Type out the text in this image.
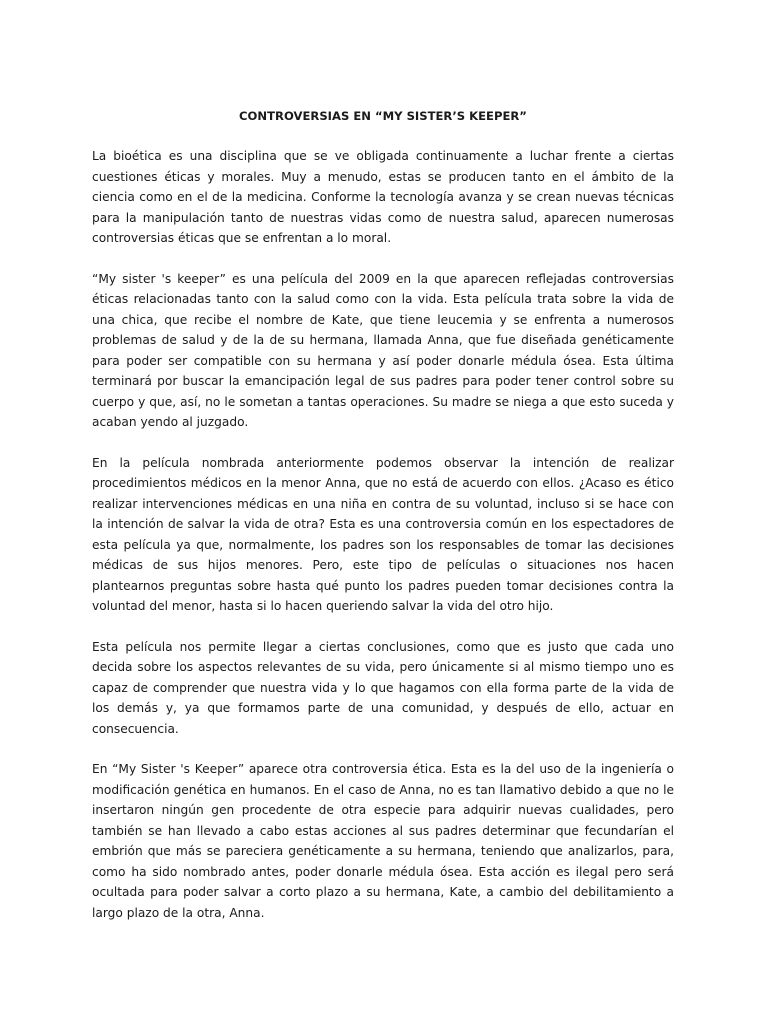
CONTROVERSIAS EN “MY SISTER’S KEEPER”

La bioética es una disciplina que se ve obligada continuamente a luchar frente a ciertas cuestiones éticas y morales. Muy a menudo, estas se producen tanto en el ámbito de la ciencia como en el de la medicina. Conforme la tecnología avanza y se crean nuevas técnicas para la manipulación tanto de nuestras vidas como de nuestra salud, aparecen numerosas controversias éticas que se enfrentan a lo moral.

“My sister 's keeper” es una película del 2009 en la que aparecen reflejadas controversias éticas relacionadas tanto con la salud como con la vida. Esta película trata sobre la vida de una chica, que recibe el nombre de Kate, que tiene leucemia y se enfrenta a numerosos problemas de salud y de la de su hermana, llamada Anna, que fue diseñada genéticamente para poder ser compatible con su hermana y así poder donarle médula ósea. Esta última terminará por buscar la emancipación legal de sus padres para poder tener control sobre su cuerpo y que, así, no le sometan a tantas operaciones. Su madre se niega a que esto suceda y acaban yendo al juzgado.

En la película nombrada anteriormente podemos observar la intención de realizar procedimientos médicos en la menor Anna, que no está de acuerdo con ellos. ¿Acaso es ético realizar intervenciones médicas en una niña en contra de su voluntad, incluso si se hace con la intención de salvar la vida de otra? Esta es una controversia común en los espectadores de esta película ya que, normalmente, los padres son los responsables de tomar las decisiones médicas de sus hijos menores. Pero, este tipo de películas o situaciones nos hacen plantearnos preguntas sobre hasta qué punto los padres pueden tomar decisiones contra la voluntad del menor, hasta si lo hacen queriendo salvar la vida del otro hijo.

Esta película nos permite llegar a ciertas conclusiones, como que es justo que cada uno decida sobre los aspectos relevantes de su vida, pero únicamente si al mismo tiempo uno es capaz de comprender que nuestra vida y lo que hagamos con ella forma parte de la vida de los demás y, ya que formamos parte de una comunidad, y después de ello, actuar en consecuencia.

En “My Sister 's Keeper” aparece otra controversia ética. Esta es la del uso de la ingeniería o modificación genética en humanos. En el caso de Anna, no es tan llamativo debido a que no le insertaron ningún gen procedente de otra especie para adquirir nuevas cualidades, pero también se han llevado a cabo estas acciones al sus padres determinar que fecundarían el embrión que más se pareciera genéticamente a su hermana, teniendo que analizarlos, para, como ha sido nombrado antes, poder donarle médula ósea. Esta acción es ilegal pero será ocultada para poder salvar a corto plazo a su hermana, Kate, a cambio del debilitamiento a largo plazo de la otra, Anna.
